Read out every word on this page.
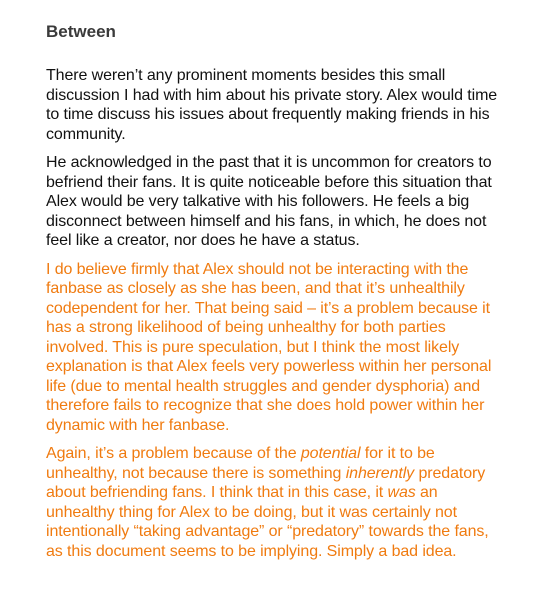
Between

There weren’t any prominent moments besides this small discussion I had with him about his private story. Alex would time to time discuss his issues about frequently making friends in his community.

He acknowledged in the past that it is uncommon for creators to befriend their fans. It is quite noticeable before this situation that Alex would be very talkative with his followers. He feels a big disconnect between himself and his fans, in which, he does not feel like a creator, nor does he have a status.

I do believe firmly that Alex should not be interacting with the fanbase as closely as she has been, and that it’s unhealthily codependent for her. That being said – it’s a problem because it has a strong likelihood of being unhealthy for both parties involved. This is pure speculation, but I think the most likely explanation is that Alex feels very powerless within her personal life (due to mental health struggles and gender dysphoria) and therefore fails to recognize that she does hold power within her dynamic with her fanbase.

Again, it’s a problem because of the potential for it to be unhealthy, not because there is something inherently predatory about befriending fans. I think that in this case, it was an unhealthy thing for Alex to be doing, but it was certainly not intentionally “taking advantage” or “predatory” towards the fans, as this document seems to be implying. Simply a bad idea.
